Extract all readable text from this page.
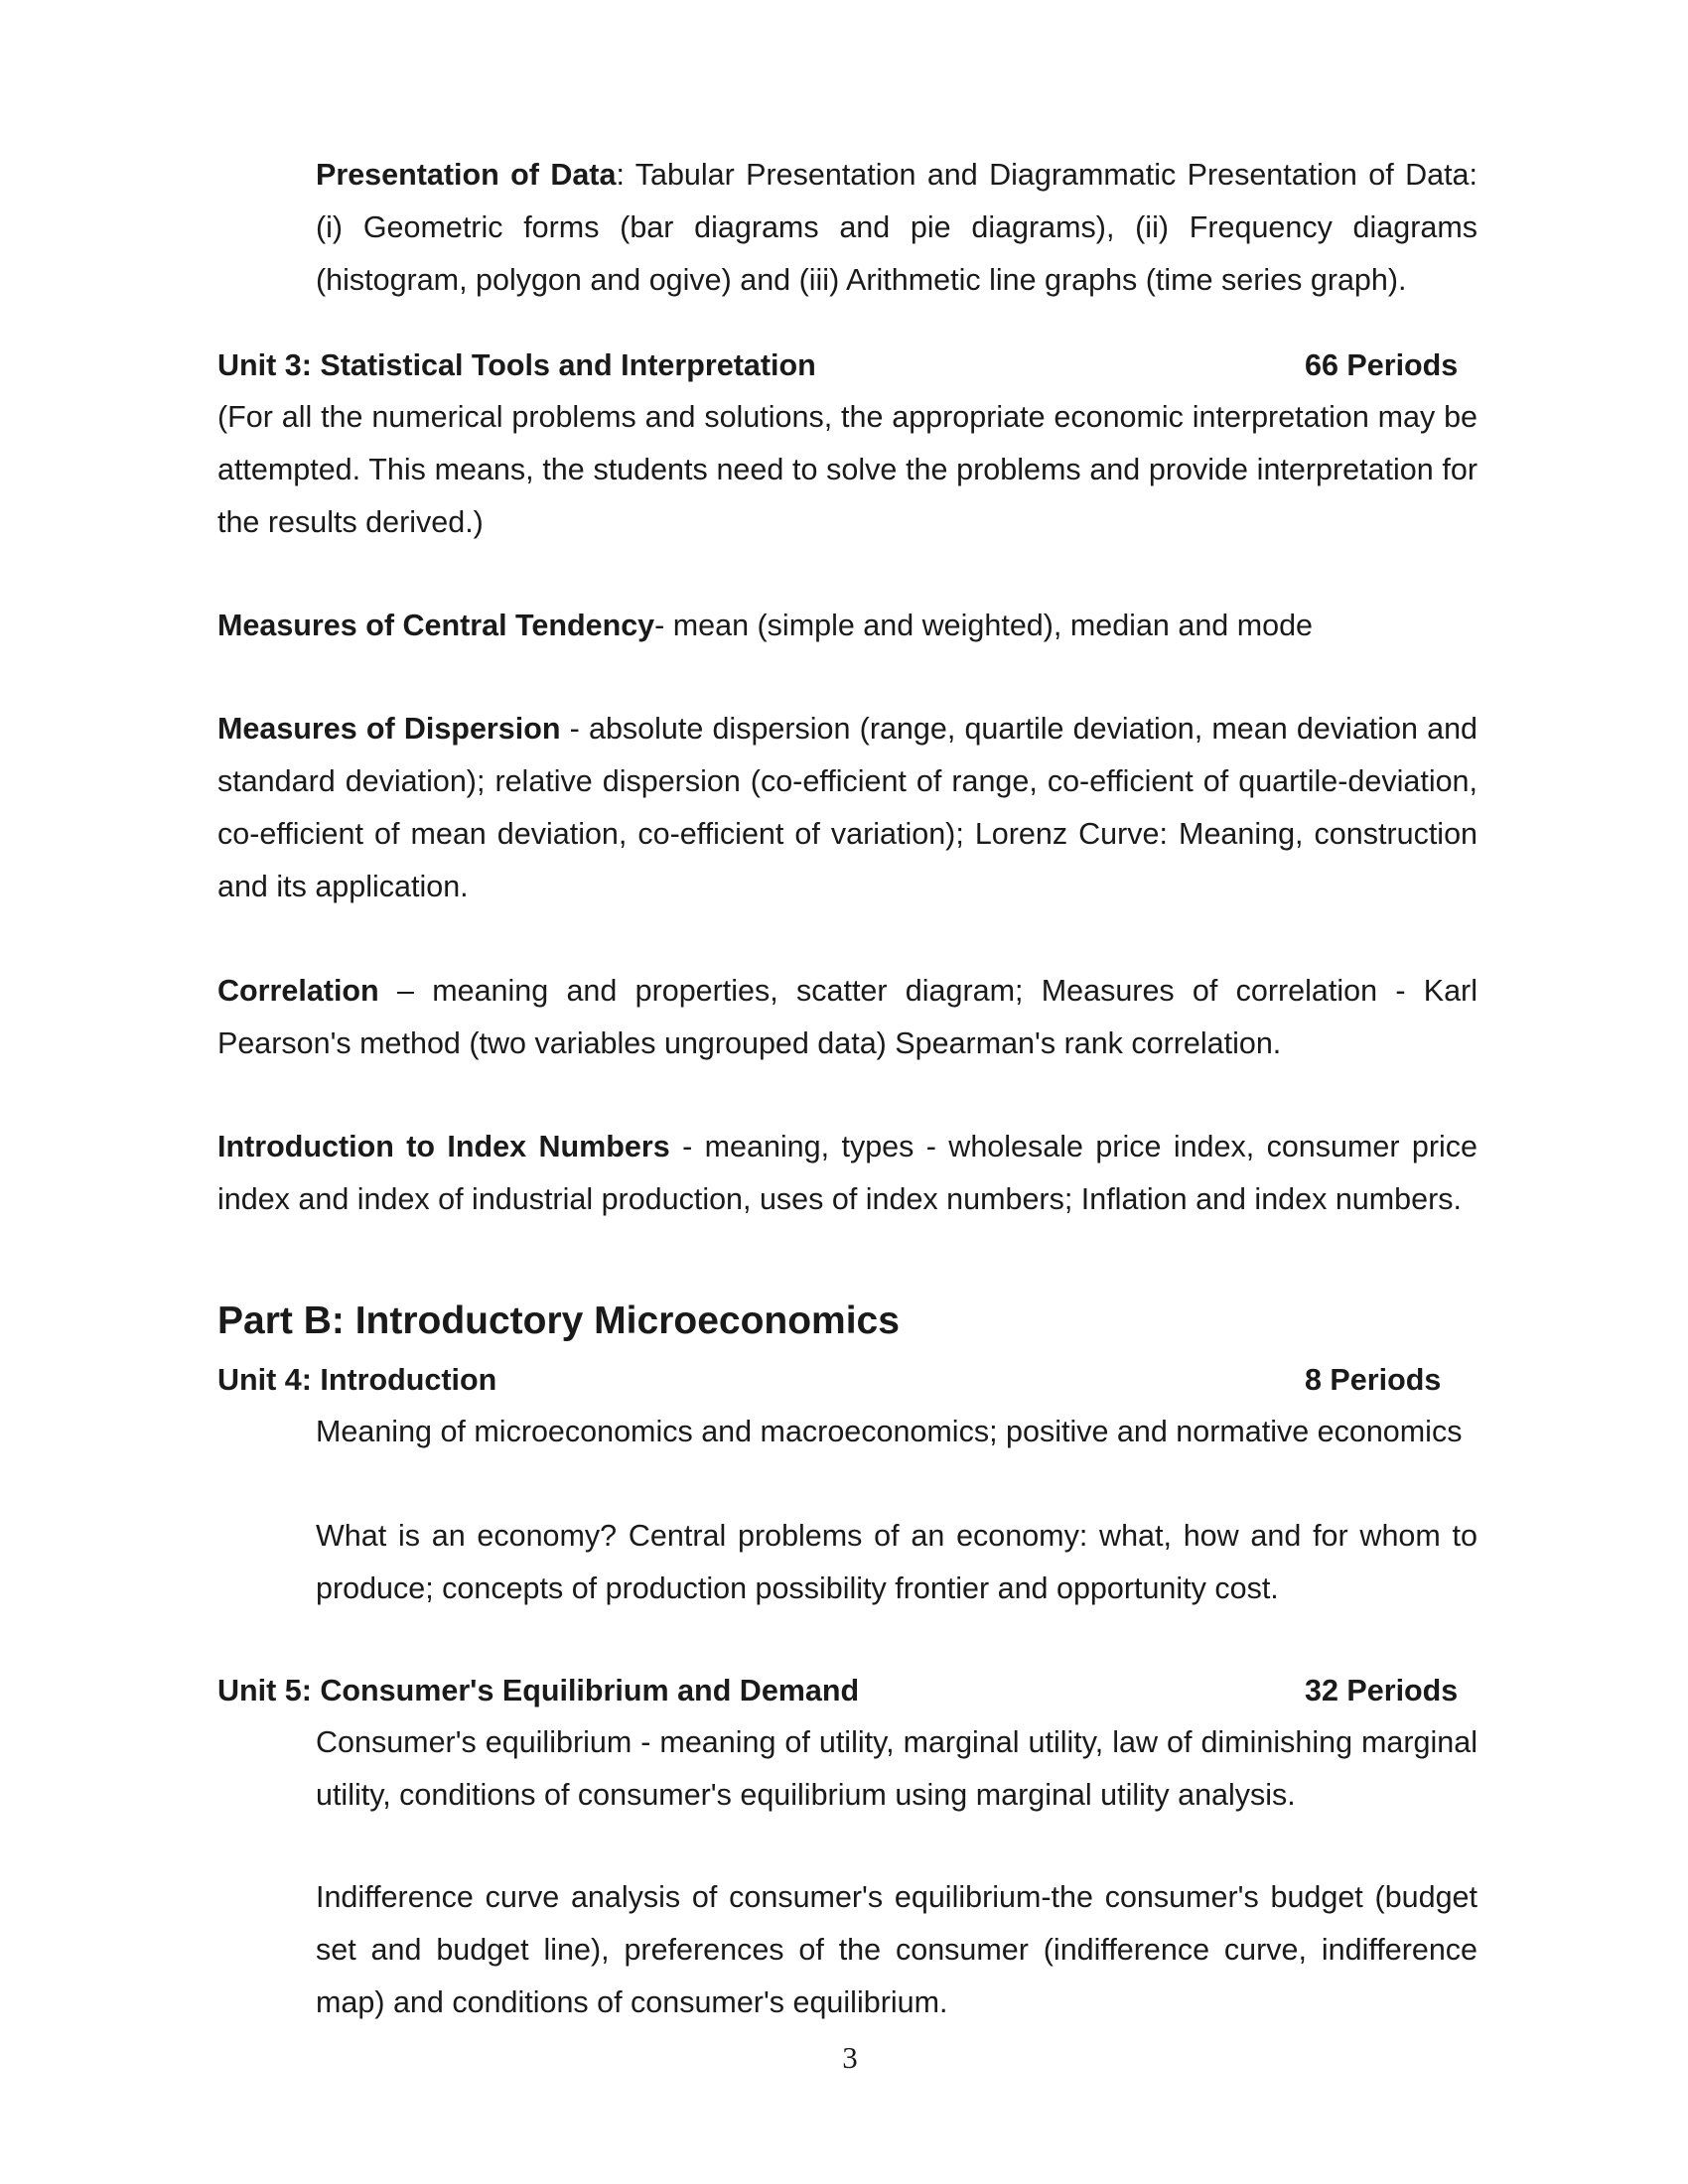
Presentation of Data: Tabular Presentation and Diagrammatic Presentation of Data: (i) Geometric forms (bar diagrams and pie diagrams), (ii) Frequency diagrams (histogram, polygon and ogive) and (iii) Arithmetic line graphs (time series graph).

Unit 3: Statistical Tools and Interpretation	66 Periods

(For all the numerical problems and solutions, the appropriate economic interpretation may be attempted. This means, the students need to solve the problems and provide interpretation for the results derived.)

Measures of Central Tendency- mean (simple and weighted), median and mode

Measures of Dispersion - absolute dispersion (range, quartile deviation, mean deviation and standard deviation); relative dispersion (co-efficient of range, co-efficient of quartile-deviation, co-efficient of mean deviation, co-efficient of variation); Lorenz Curve: Meaning, construction and its application.

Correlation – meaning and properties, scatter diagram; Measures of correlation - Karl Pearson's method (two variables ungrouped data) Spearman's rank correlation.

Introduction to Index Numbers - meaning, types - wholesale price index, consumer price index and index of industrial production, uses of index numbers; Inflation and index numbers.

Part B: Introductory Microeconomics
Unit 4: Introduction	8 Periods

Meaning of microeconomics and macroeconomics; positive and normative economics

What is an economy? Central problems of an economy: what, how and for whom to produce; concepts of production possibility frontier and opportunity cost.

Unit 5: Consumer's Equilibrium and Demand	32 Periods

Consumer's equilibrium - meaning of utility, marginal utility, law of diminishing marginal utility, conditions of consumer's equilibrium using marginal utility analysis.

Indifference curve analysis of consumer's equilibrium-the consumer's budget (budget set and budget line), preferences of the consumer (indifference curve, indifference map) and conditions of consumer's equilibrium.

3
